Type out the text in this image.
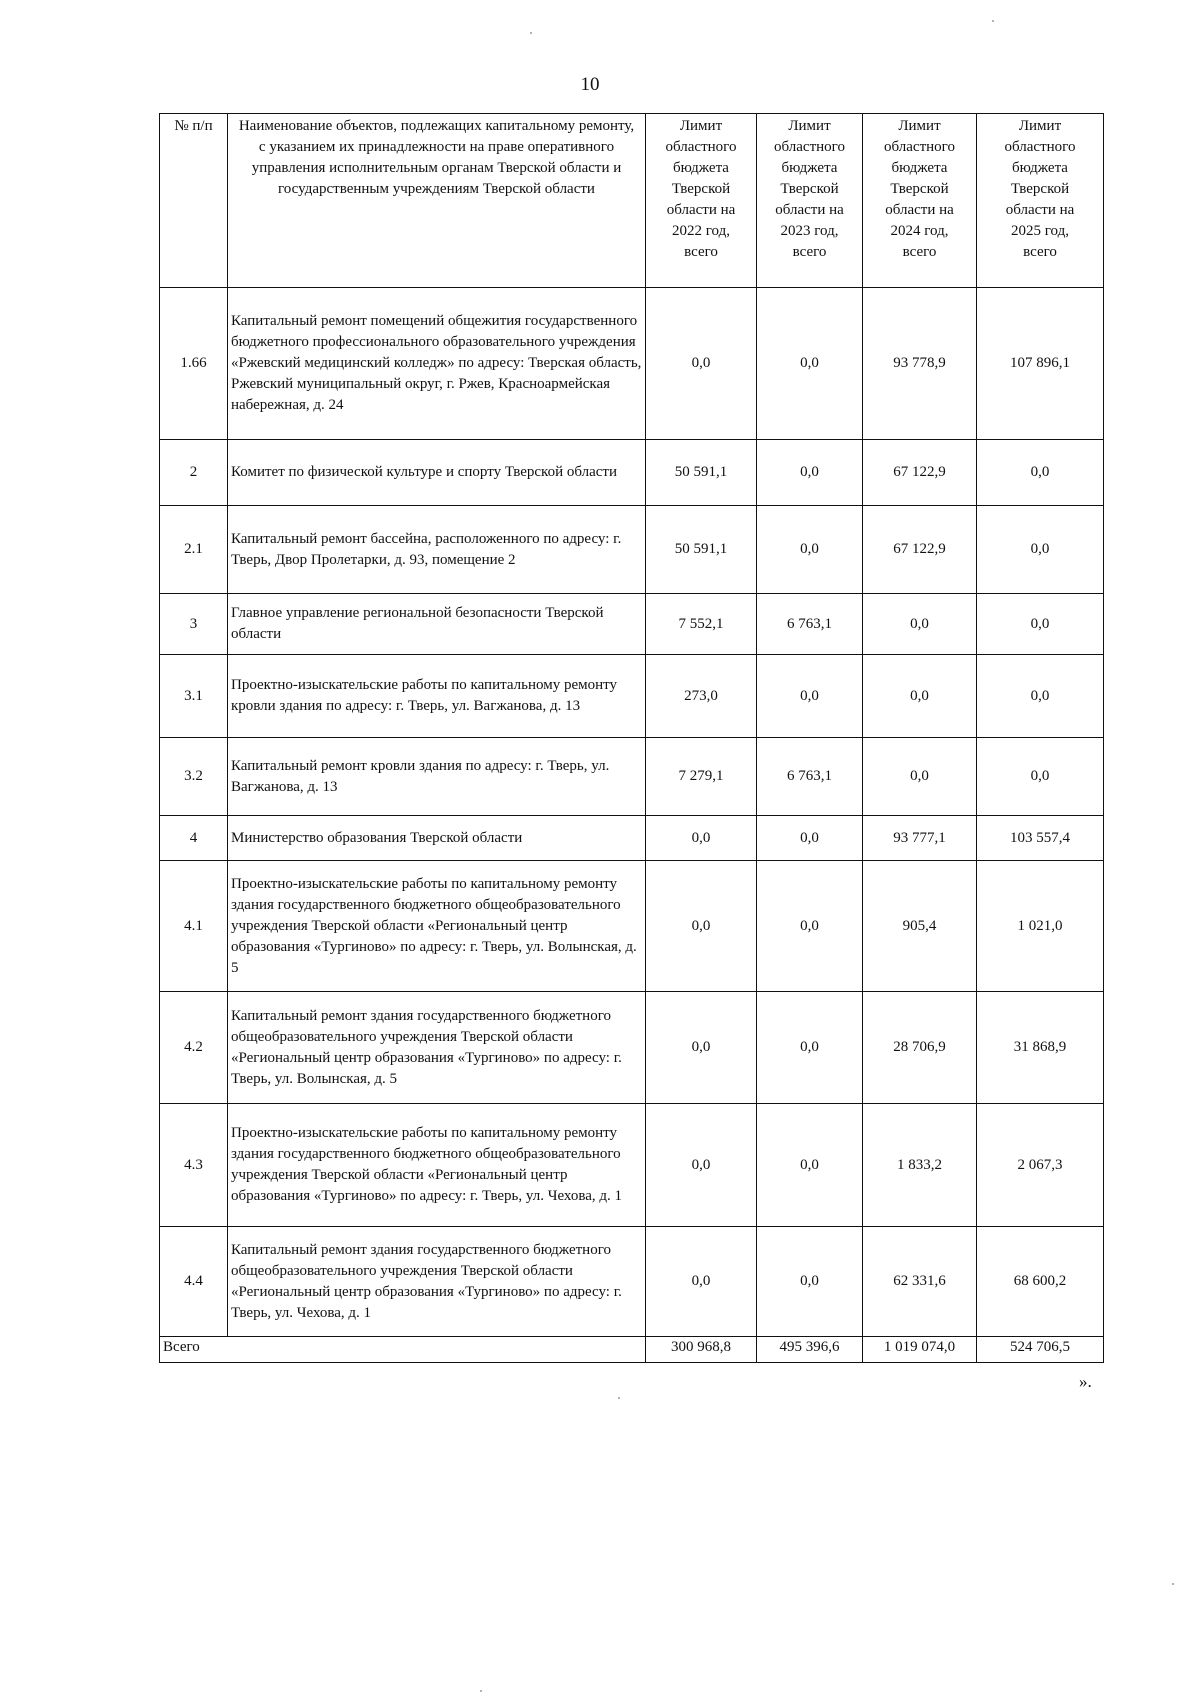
10
№ п/п	Наименование объектов, подлежащих капитальному ремонту, с указанием их принадлежности на праве оперативного управления исполнительным органам Тверской области и государственным учреждениям Тверской области	Лимит областного бюджета Тверской области на 2022 год, всего	Лимит областного бюджета Тверской области на 2023 год, всего	Лимит областного бюджета Тверской области на 2024 год, всего	Лимит областного бюджета Тверской области на 2025 год, всего
1.66	Капитальный ремонт помещений общежития государственного бюджетного профессионального образовательного учреждения «Ржевский медицинский колледж» по адресу: Тверская область, Ржевский муниципальный округ, г. Ржев, Красноармейская набережная, д. 24	0,0	0,0	93 778,9	107 896,1
2	Комитет по физической культуре и спорту Тверской области	50 591,1	0,0	67 122,9	0,0
2.1	Капитальный ремонт бассейна, расположенного по адресу: г. Тверь, Двор Пролетарки, д. 93, помещение 2	50 591,1	0,0	67 122,9	0,0
3	Главное управление региональной безопасности Тверской области	7 552,1	6 763,1	0,0	0,0
3.1	Проектно-изыскательские работы по капитальному ремонту кровли здания по адресу: г. Тверь, ул. Вагжанова, д. 13	273,0	0,0	0,0	0,0
3.2	Капитальный ремонт кровли здания по адресу: г. Тверь, ул. Вагжанова, д. 13	7 279,1	6 763,1	0,0	0,0
4	Министерство образования Тверской области	0,0	0,0	93 777,1	103 557,4
4.1	Проектно-изыскательские работы по капитальному ремонту здания государственного бюджетного общеобразовательного учреждения Тверской области «Региональный центр образования «Тургиново» по адресу: г. Тверь, ул. Волынская, д. 5	0,0	0,0	905,4	1 021,0
4.2	Капитальный ремонт здания государственного бюджетного общеобразовательного учреждения Тверской области «Региональный центр образования «Тургиново» по адресу: г. Тверь, ул. Волынская, д. 5	0,0	0,0	28 706,9	31 868,9
4.3	Проектно-изыскательские работы по капитальному ремонту здания государственного бюджетного общеобразовательного учреждения Тверской области «Региональный центр образования «Тургиново» по адресу: г. Тверь, ул. Чехова, д. 1	0,0	0,0	1 833,2	2 067,3
4.4	Капитальный ремонт здания государственного бюджетного общеобразовательного учреждения Тверской области «Региональный центр образования «Тургиново» по адресу: г. Тверь, ул. Чехова, д. 1	0,0	0,0	62 331,6	68 600,2
Всего		300 968,8	495 396,6	1 019 074,0	524 706,5
».
